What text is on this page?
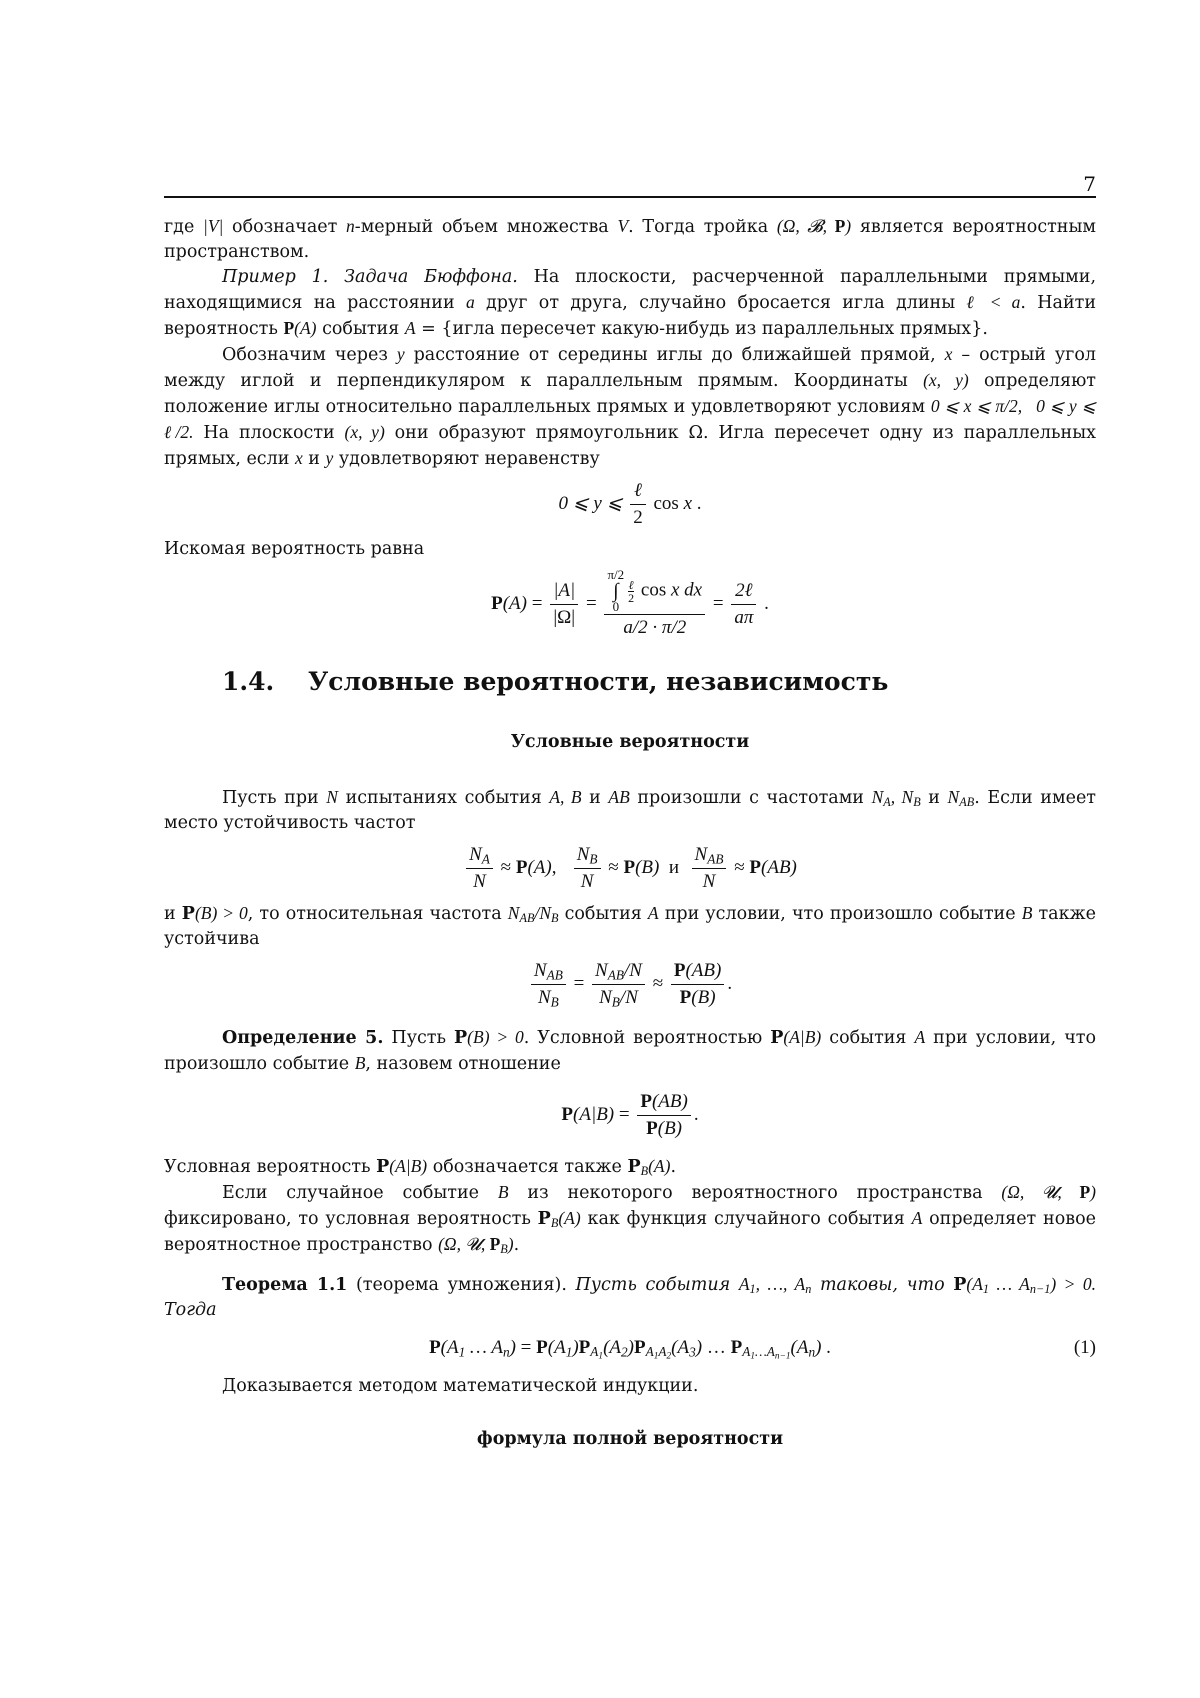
7

где |V| обозначает n-мерный объем множества V. Тогда тройка (Ω, 𝓑, P) является вероятностным пространством.

Пример 1. Задача Бюффона. На плоскости, расчерченной параллельными прямыми, находящимися на расстоянии a друг от друга, случайно бросается игла длины ℓ < a. Найти вероятность P(A) события A = {игла пересечет какую-нибудь из параллельных прямых}.

Обозначим через y расстояние от середины иглы до ближайшей прямой, x – острый угол между иглой и перпендикуляром к параллельным прямым. Координаты (x, y) определяют положение иглы относительно параллельных прямых и удовлетворяют условиям 0 ⩽ x ⩽ π/2,   0 ⩽ y ⩽ ℓ/2. На плоскости (x, y) они образуют прямоугольник Ω. Игла пересечет одну из параллельных прямых, если x и y удовлетворяют неравенству

0 ⩽ y ⩽ $\frac{\text{ℓ}}{2}$ cos x .

Искомая вероятность равна

$P(A) = \frac{|A|}{|\Omega|} = \pi/2$
∫
0
ℓ
2 cos x dx
$a/2 \cdot \pi/2 = \frac{\text{2ℓ}}{a\pi}$ .
1.4. Условные вероятности, независимость
Условные вероятности

Пусть при N испытаниях события A, B и AB произошли с частотами $N_A$, $N_B$ и $N_{AB}$. Если имеет место устойчивость частот

$\frac{N_A}{N} \approx P(A)$, $\frac{N_B}{N} \approx P(B)$  и $\frac{N_{AB}}{N} \approx P(AB)$

и P(B) > 0, то относительная частота $N_{AB}/N_B$ события A при условии, что произошло событие B также устойчива

$\frac{N_{AB}}{N_B} = \frac{N_{AB}/N}{N_B/N} \approx \frac{P(AB)}{P(B)}$ .

Определение 5. Пусть P(B) > 0. Условной вероятностью P(A|B) события A при условии, что произошло событие B, назовем отношение

$P(A|B) = \frac{P(AB)}{P(B)}$ .

Условная вероятность P(A|B) обозначается также $P_B(A)$.

Если случайное событие B из некоторого вероятностного пространства (Ω, 𝓤, P) фиксировано, то условная вероятность $P_B(A)$ как функция случайного события A определяет новое вероятностное пространство (Ω, 𝓤, $P_B$).

Теорема 1.1 (теорема умножения). Пусть события $A_1$, …, $A_n$ таковы, что $P(A_1$ … $A_{n-1}) > 0$. Тогда

$P(A_1$ … $A_n) = P(A_1)P_{A_1}(A_2)P_{A_1A_2}(A_3)$ … $P_{A_1\dots A_{n-1}}(A_n)$ .	(1)

Доказывается методом математической индукции.

формула полной вероятности
